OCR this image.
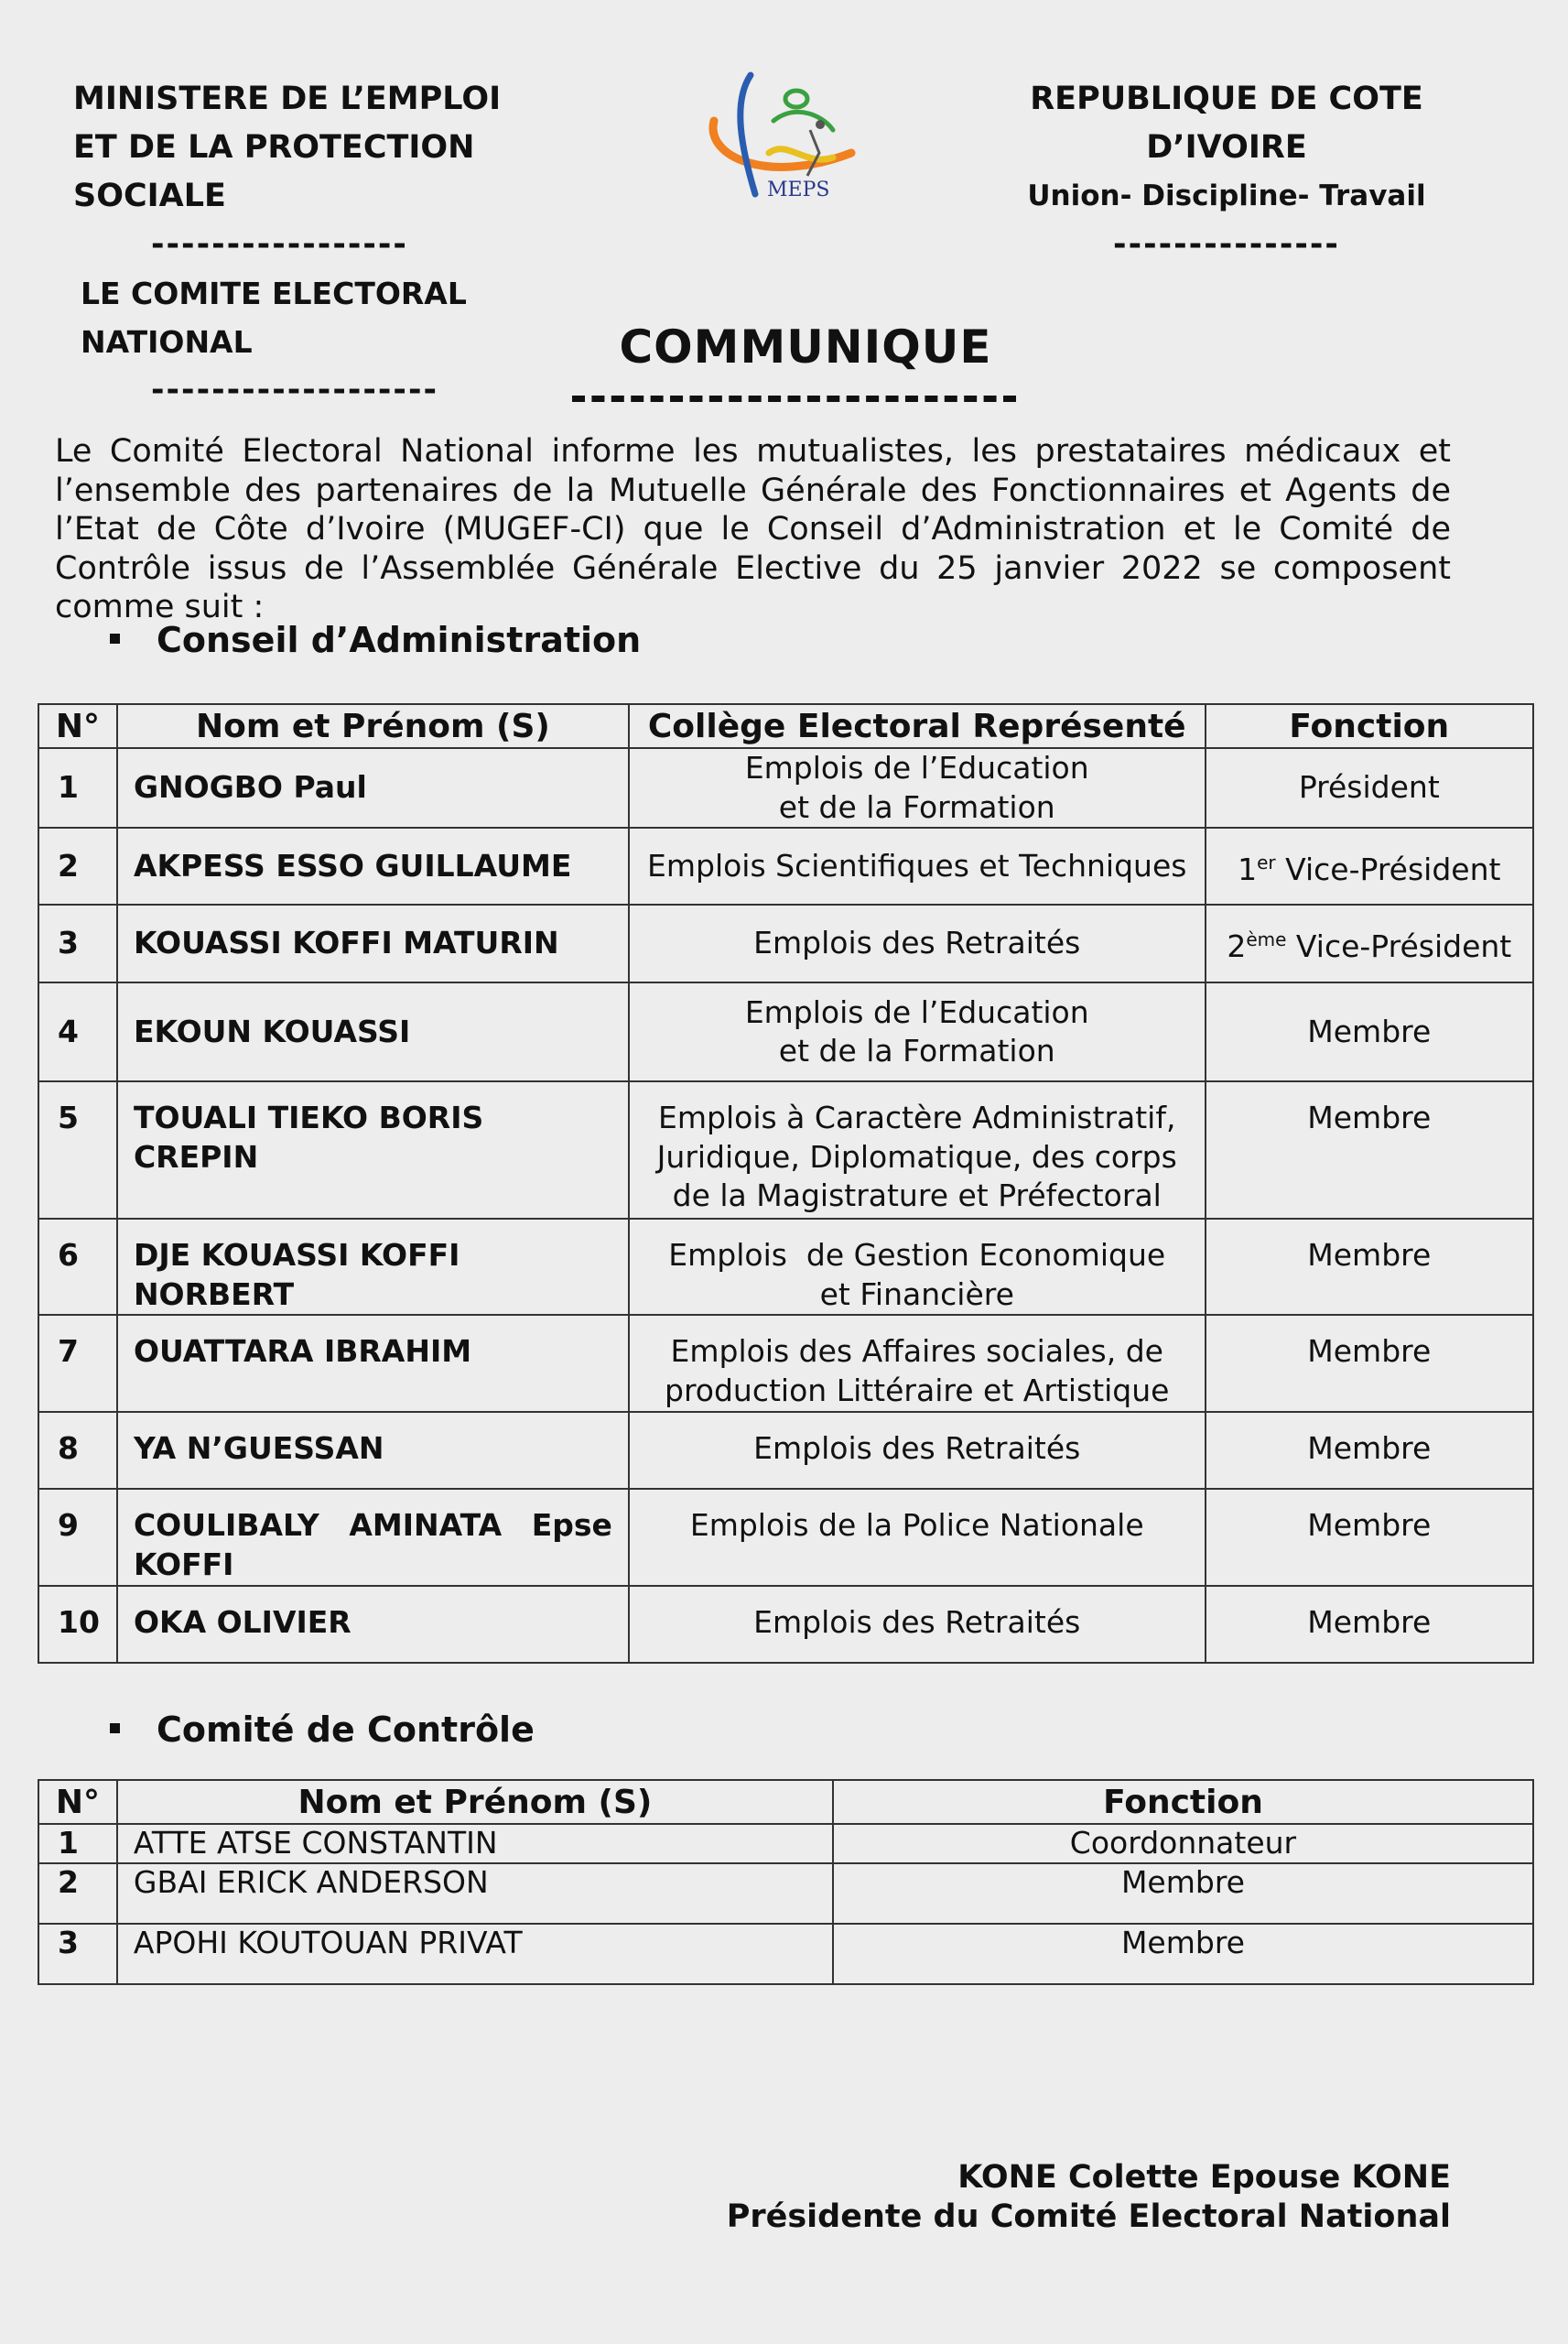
MINISTERE DE L’EMPLOI
ET DE LA PROTECTION SOCIALE
-----------------
LE COMITE ELECTORAL NATIONAL
-------------------
MEPS
REPUBLIQUE DE COTE D’IVOIRE
Union- Discipline- Travail
---------------
COMMUNIQUE
Le Comité Electoral National informe les mutualistes, les prestataires médicaux et l’ensemble des partenaires de la Mutuelle Générale des Fonctionnaires et Agents de l’Etat de Côte d’Ivoire (MUGEF-CI) que le Conseil d’Administration et le Comité de Contrôle issus de l’Assemblée Générale Elective du 25 janvier 2022 se composent comme suit :
Conseil d’Administration
N°	Nom et Prénom (S)	Collège Electoral Représenté	Fonction
1	GNOGBO Paul	Emplois de l’Education
et de la Formation	Président
2	AKPESS ESSO GUILLAUME	Emplois Scientifiques et Techniques	1er Vice-Président
3	KOUASSI KOFFI MATURIN	Emplois des Retraités	2ème Vice-Président
4	EKOUN KOUASSI	Emplois de l’Education
et de la Formation	Membre
5	TOUALI TIEKO BORIS CREPIN	Emplois à Caractère Administratif,
Juridique, Diplomatique, des corps
de la Magistrature et Préfectoral	Membre
6	DJE KOUASSI KOFFI NORBERT	Emplois  de Gestion Economique
et Financière	Membre
7	OUATTARA IBRAHIM	Emplois des Affaires sociales, de
production Littéraire et Artistique	Membre
8	YA N’GUESSAN	Emplois des Retraités	Membre
9	COULIBALY AMINATA Epse KOFFI	Emplois de la Police Nationale	Membre
10	OKA OLIVIER	Emplois des Retraités	Membre
Comité de Contrôle
N°	Nom et Prénom (S)	Fonction
1	ATTE ATSE CONSTANTIN	Coordonnateur
2	GBAI ERICK ANDERSON	Membre
3	APOHI KOUTOUAN PRIVAT	Membre
KONE Colette Epouse KONE
Présidente du Comité Electoral National
